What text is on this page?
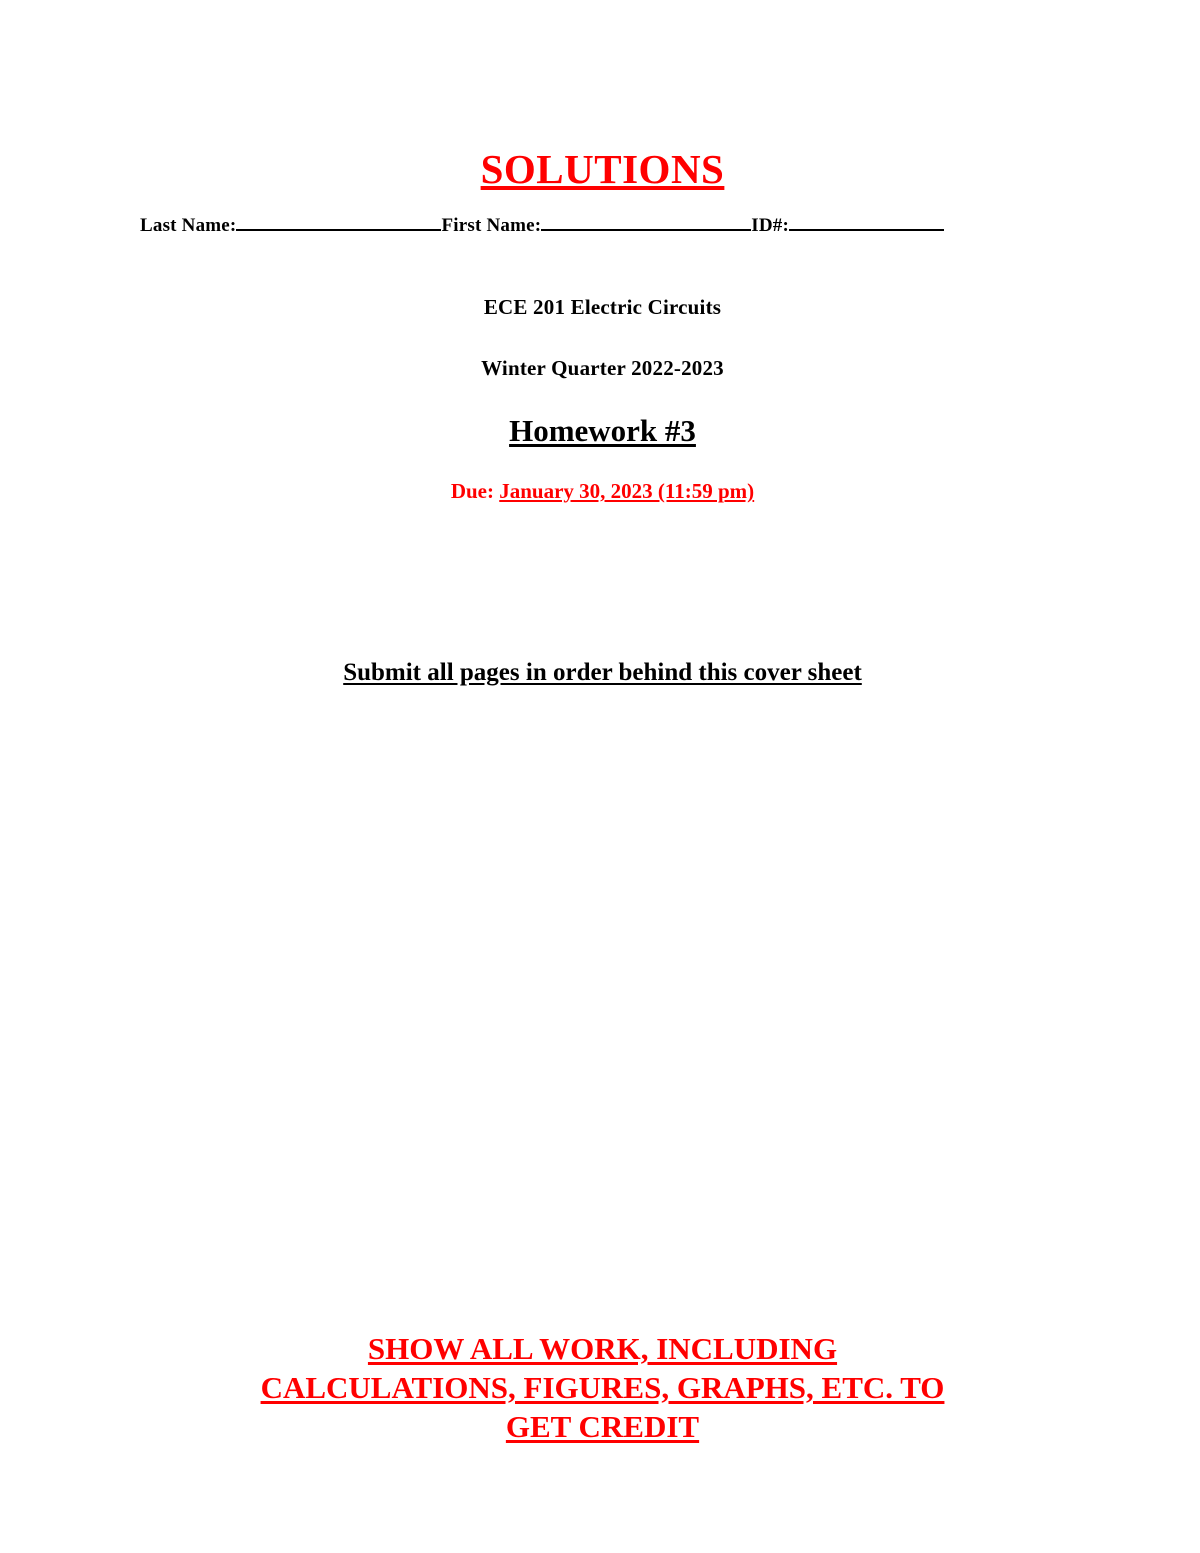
SOLUTIONS
Last Name:	First Name:	ID#:
ECE 201 Electric Circuits
Winter Quarter 2022-2023
Homework #3
Due: January 30, 2023 (11:59 pm)
Submit all pages in order behind this cover sheet
SHOW ALL WORK, INCLUDING
CALCULATIONS, FIGURES, GRAPHS, ETC. TO
GET CREDIT
